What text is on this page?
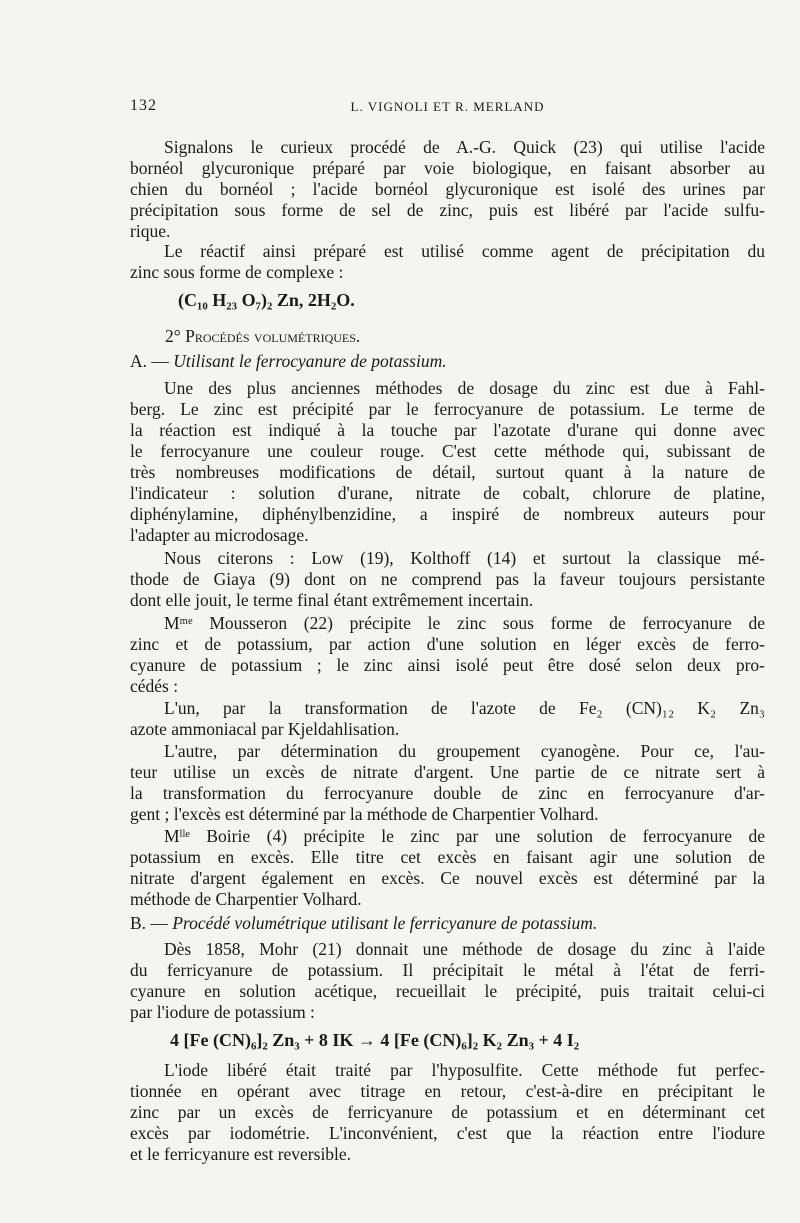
132	L. VIGNOLI ET R. MERLAND
Signalons le curieux procédé de A.-G. Quick (23) qui utilise l'acide
bornéol glycuronique préparé par voie biologique, en faisant absorber au
chien du bornéol ; l'acide bornéol glycuronique est isolé des urines par
précipitation sous forme de sel de zinc, puis est libéré par l'acide sulfu-
rique.
Le réactif ainsi préparé est utilisé comme agent de précipitation du
zinc sous forme de complexe :
(C₁₀ H₂₃ O₇)₂ Zn, 2H₂O.
2° Procédés volumétriques.
A. — Utilisant le ferrocyanure de potassium.
Une des plus anciennes méthodes de dosage du zinc est due à Fahl-
berg. Le zinc est précipité par le ferrocyanure de potassium. Le terme de
la réaction est indiqué à la touche par l'azotate d'urane qui donne avec
le ferrocyanure une couleur rouge. C'est cette méthode qui, subissant de
très nombreuses modifications de détail, surtout quant à la nature de
l'indicateur : solution d'urane, nitrate de cobalt, chlorure de platine,
diphénylamine, diphénylbenzidine, a inspiré de nombreux auteurs pour
l'adapter au microdosage.
Nous citerons : Low (19), Kolthoff (14) et surtout la classique mé-
thode de Giaya (9) dont on ne comprend pas la faveur toujours persistante
dont elle jouit, le terme final étant extrêmement incertain.
Mᵐᵉ Mousseron (22) précipite le zinc sous forme de ferrocyanure de
zinc et de potassium, par action d'une solution en léger excès de ferro-
cyanure de potassium ; le zinc ainsi isolé peut être dosé selon deux pro-
cédés :
L'un, par la transformation de l'azote de Fe₂ (CN)₁₂ K₂ Zn₃
azote ammoniacal par Kjeldahlisation.
L'autre, par détermination du groupement cyanogène. Pour ce, l'au-
teur utilise un excès de nitrate d'argent. Une partie de ce nitrate sert à
la transformation du ferrocyanure double de zinc en ferrocyanure d'ar-
gent ; l'excès est déterminé par la méthode de Charpentier Volhard.
Mˡˡᵉ Boirie (4) précipite le zinc par une solution de ferrocyanure de
potassium en excès. Elle titre cet excès en faisant agir une solution de
nitrate d'argent également en excès. Ce nouvel excès est déterminé par la
méthode de Charpentier Volhard.
B. — Procédé volumétrique utilisant le ferricyanure de potassium.
Dès 1858, Mohr (21) donnait une méthode de dosage du zinc à l'aide
du ferricyanure de potassium. Il précipitait le métal à l'état de ferri-
cyanure en solution acétique, recueillait le précipité, puis traitait celui-ci
par l'iodure de potassium :
4 [Fe (CN)₆]₂ Zn₃ + 8 IK → 4 [Fe (CN)₆]₂ K₂ Zn₃ + 4 I₂
L'iode libéré était traité par l'hyposulfite. Cette méthode fut perfec-
tionnée en opérant avec titrage en retour, c'est-à-dire en précipitant le
zinc par un excès de ferricyanure de potassium et en déterminant cet
excès par iodométrie. L'inconvénient, c'est que la réaction entre l'iodure
et le ferricyanure est reversible.
